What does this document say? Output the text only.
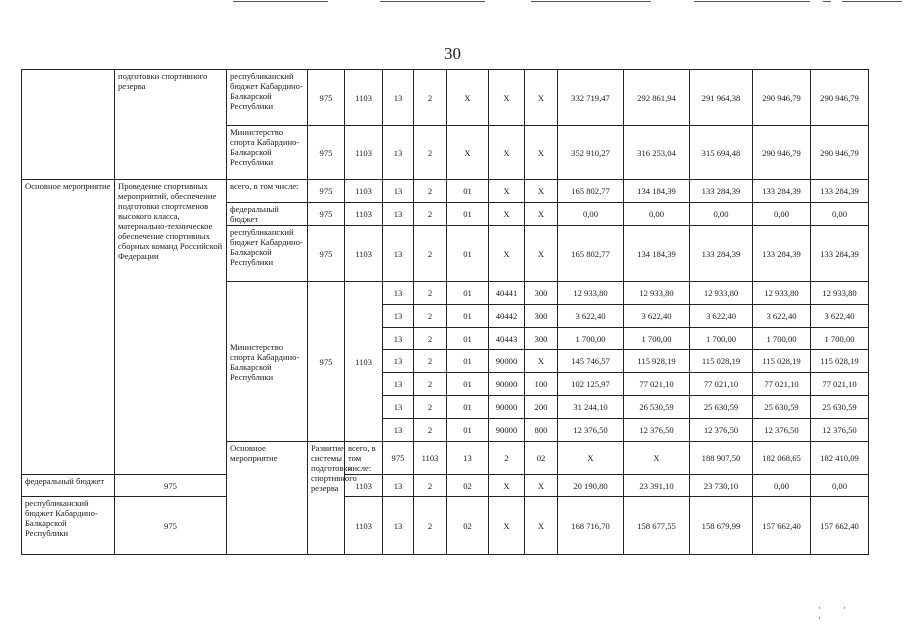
30
	подготовки спортивного резерва	республиканский бюджет Кабардино-Балкарской Республики	975	1103	13	2	X	X	X	332 719,47	292 861,94	291 964,38	290 946,79	290 946,79	
		Министерство спорта Кабардино-Балкарской Республики	975	1103	13	2	X	X	X	352 910,27	316 253,04	315 694,48	290 946,79	290 946,79	
Основное мероприятие	Проведение спортивных мероприятий, обеспечение подготовки спортсменов высокого класса, материально-техническое обеспечение спортивных сборных команд Российской Федерации	всего, в том числе:	975	1103	13	2	01	X	X	165 802,77	134 184,39	133 284,39	133 284,39	133 284,39	
		федеральный бюджет	975	1103	13	2	01	X	X	0,00	0,00	0,00	0,00	0,00	
		республиканский бюджет Кабардино-Балкарской Республики	975	1103	13	2	01	X	X	165 802,77	134 184,39	133 284,39	133 284,39	133 284,39	
		Министерство спорта Кабардино-Балкарской Республики	975	1103	13	2	01	40441	300	12 933,80	12 933,80	12 933,80	12 933,80	12 933,80	
					13	2	01	40442	300	3 622,40	3 622,40	3 622,40	3 622,40	3 622,40	
					13	2	01	40443	300	1 700,00	1 700,00	1 700,00	1 700,00	1 700,00	
					13	2	01	90000	X	145 746,57	115 928,19	115 028,19	115 028,19	115 028,19	
					13	2	01	90000	100	102 125,97	77 021,10	77 021,10	77 021,10	77 021,10	
					13	2	01	90000	200	31 244,10	26 530,59	25 630,59	25 630,59	25 630,59	
					13	2	01	90000	800	12 376,50	12 376,50	12 376,50	12 376,50	12 376,50	
		Основное мероприятие	Развитие системы подготовки спортивного резерва	всего, в том числе:	975	1103	13	2	02	X	X	188 907,50	182 068,65	182 410,09		
федеральный бюджет	975			1103	13	2	02	X	X	20 190,80	23 391,10	23 730,10	0,00	0,00	
республиканский бюджет Кабардино-Балкарской Республики	975			1103	13	2	02	X	X	168 716,70	158 677,55	158 679,99	157 662,40	157 662,40	
·· ·
